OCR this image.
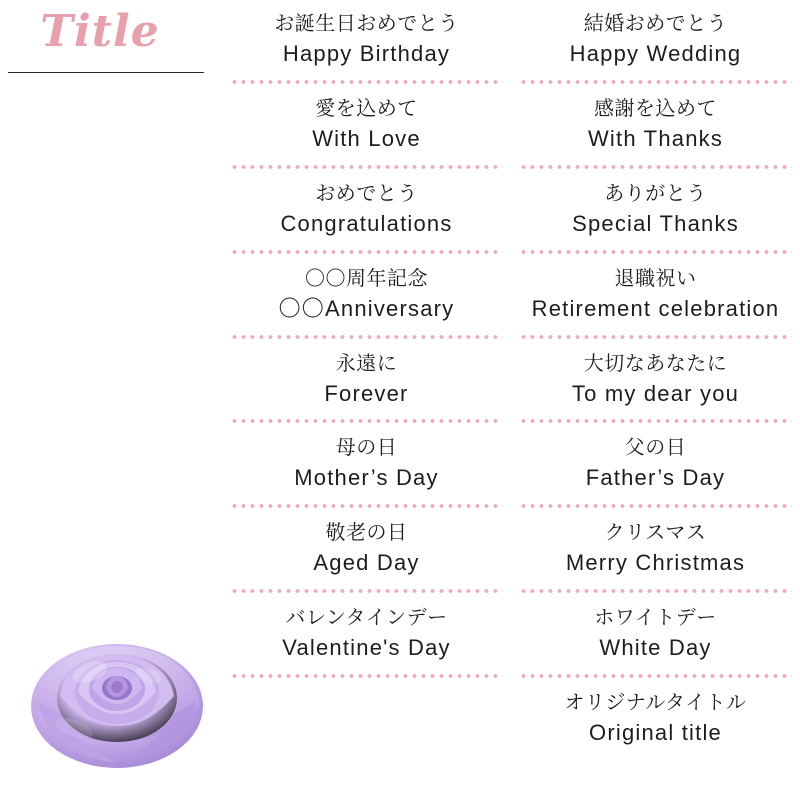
Title	お誕生日おめでとう
Happy Birthday
愛を込めて
With Love
おめでとう
Congratulations
〇〇周年記念
〇〇Anniversary
永遠に
Forever
母の日
Mother’s Day
敬老の日
Aged Day
バレンタインデー
Valentine's Day
結婚おめでとう
Happy Wedding
感謝を込めて
With Thanks
ありがとう
Special Thanks
退職祝い
Retirement celebration
大切なあなたに
To my dear you
父の日
Father’s Day
クリスマス
Merry Christmas
ホワイトデー
White Day
オリジナルタイトル
Original title
